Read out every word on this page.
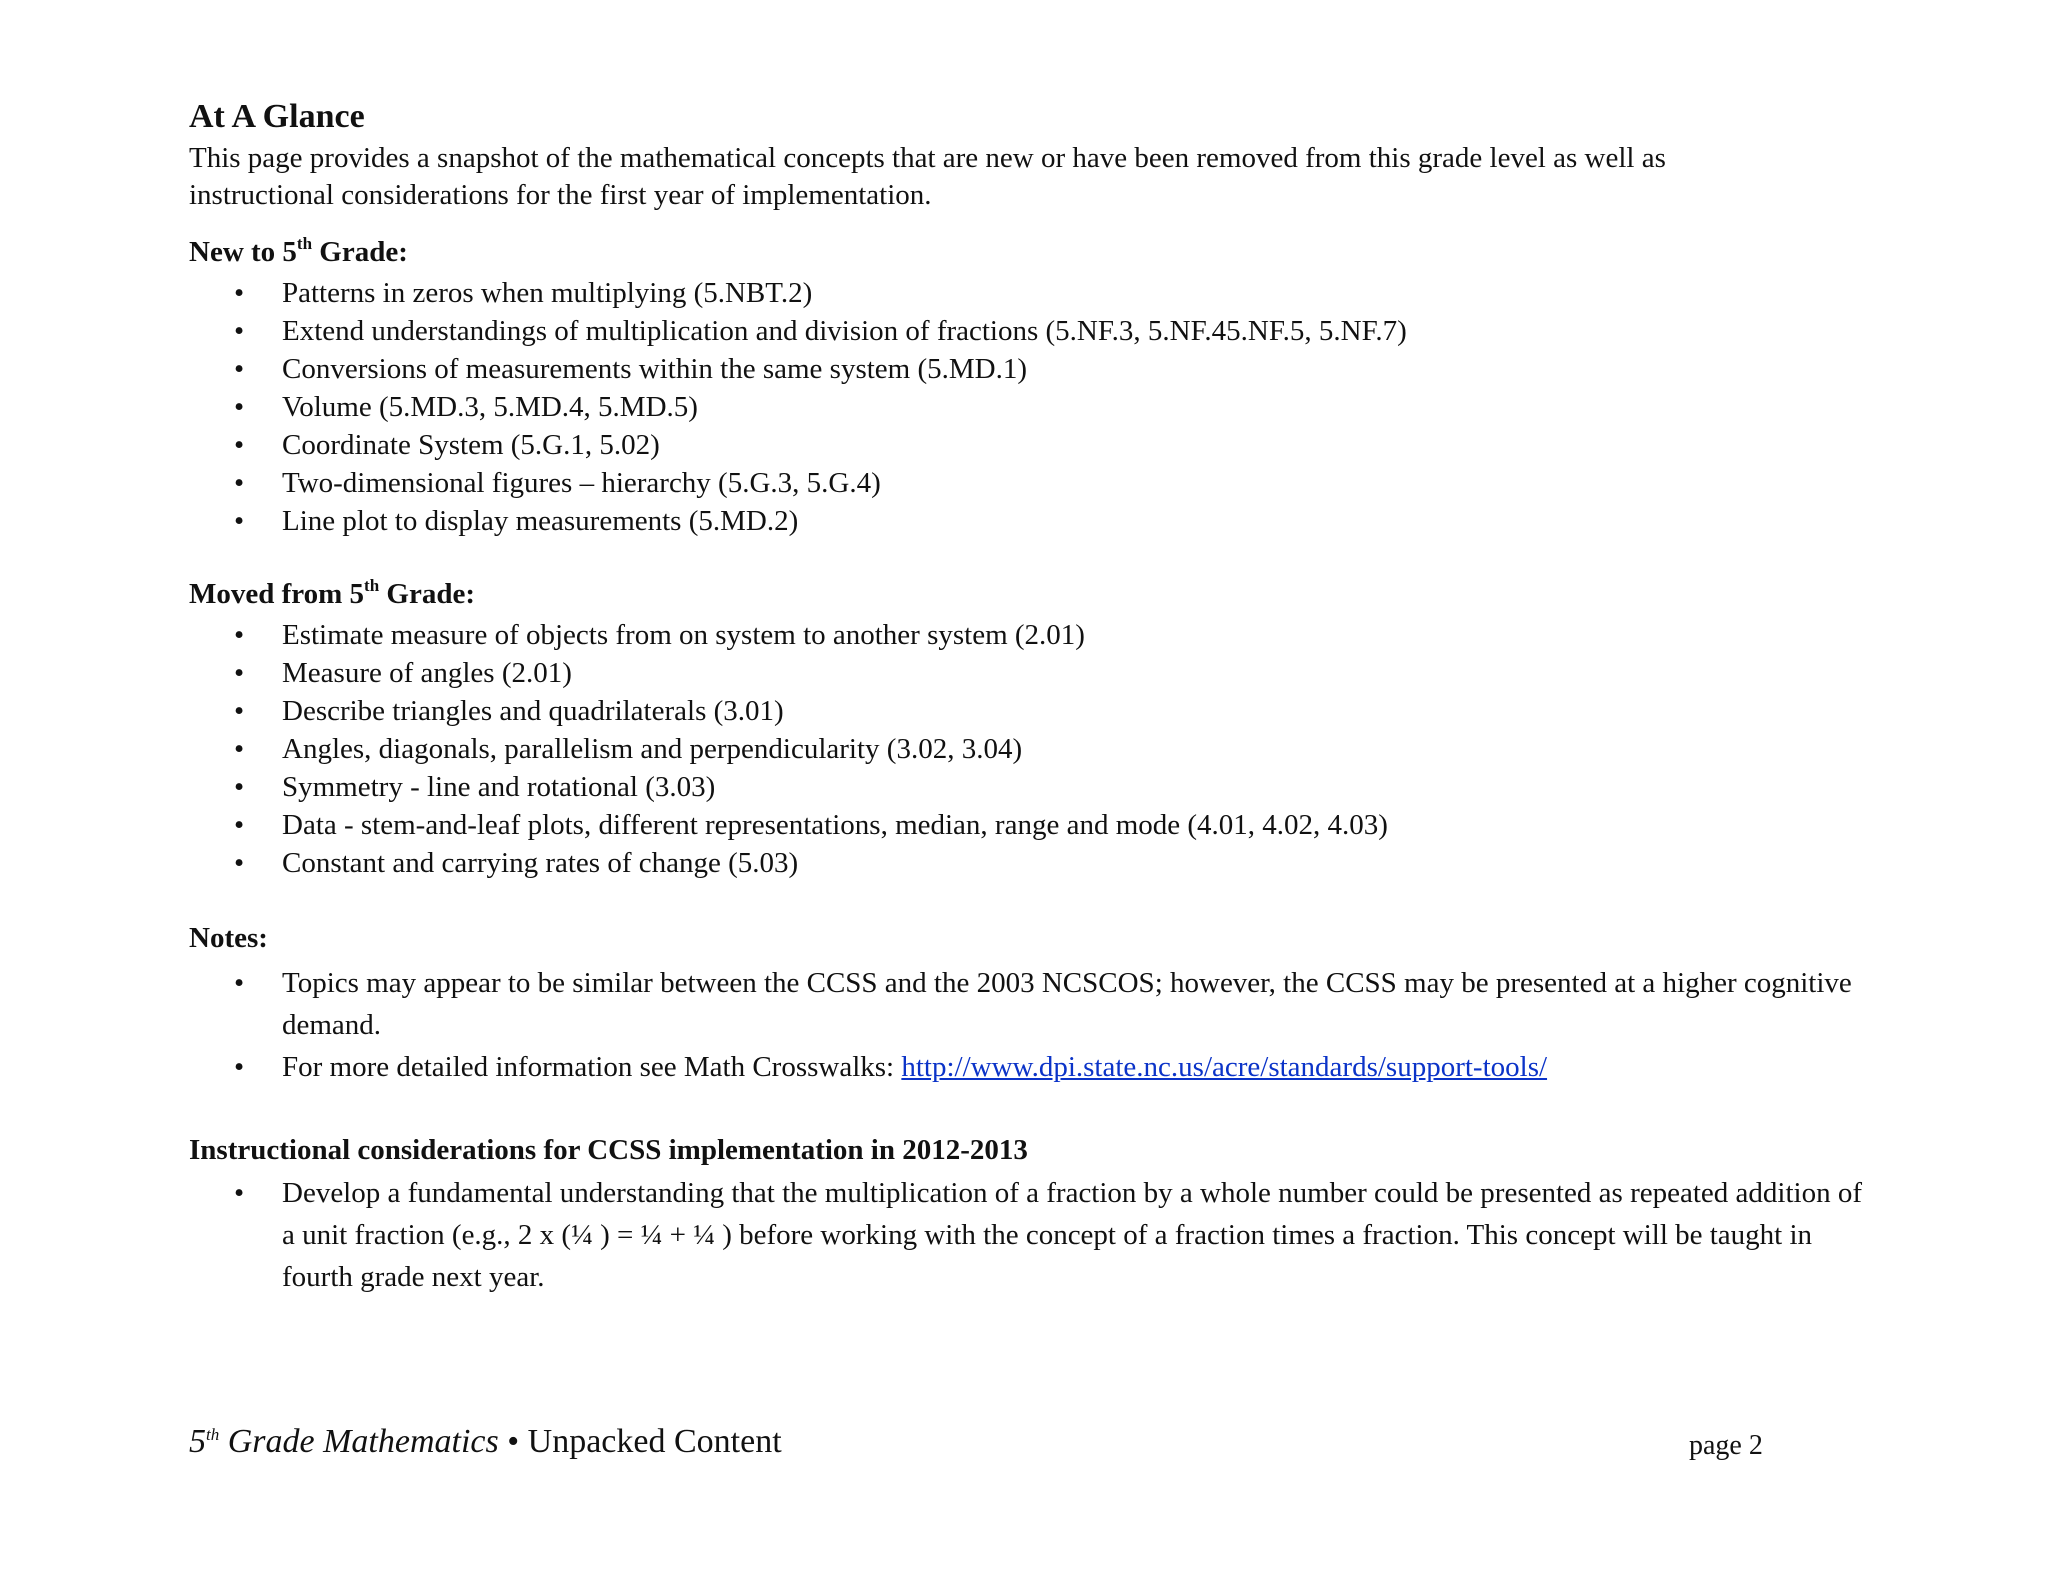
At A Glance

This page provides a snapshot of the mathematical concepts that are new or have been removed from this grade level as well as instructional considerations for the first year of implementation.

New to 5th Grade:
• Patterns in zeros when multiplying (5.NBT.2)
• Extend understandings of multiplication and division of fractions (5.NF.3, 5.NF.45.NF.5, 5.NF.7)
• Conversions of measurements within the same system (5.MD.1)
• Volume (5.MD.3, 5.MD.4, 5.MD.5)
• Coordinate System (5.G.1, 5.02)
• Two-dimensional figures – hierarchy (5.G.3, 5.G.4)
• Line plot to display measurements (5.MD.2)
Moved from 5th Grade:
• Estimate measure of objects from on system to another system (2.01)
• Measure of angles (2.01)
• Describe triangles and quadrilaterals (3.01)
• Angles, diagonals, parallelism and perpendicularity (3.02, 3.04)
• Symmetry - line and rotational (3.03)
• Data - stem-and-leaf plots, different representations, median, range and mode (4.01, 4.02, 4.03)
• Constant and carrying rates of change (5.03)
Notes:
• Topics may appear to be similar between the CCSS and the 2003 NCSCOS; however, the CCSS may be presented at a higher cognitive demand.
• For more detailed information see Math Crosswalks: http://www.dpi.state.nc.us/acre/standards/support-tools/
Instructional considerations for CCSS implementation in 2012-2013
• Develop a fundamental understanding that the multiplication of a fraction by a whole number could be presented as repeated addition of a unit fraction (e.g., 2 x (¼ ) = ¼ + ¼ ) before working with the concept of a fraction times a fraction. This concept will be taught in fourth grade next year.
5th Grade Mathematics • Unpacked Content	page 2
